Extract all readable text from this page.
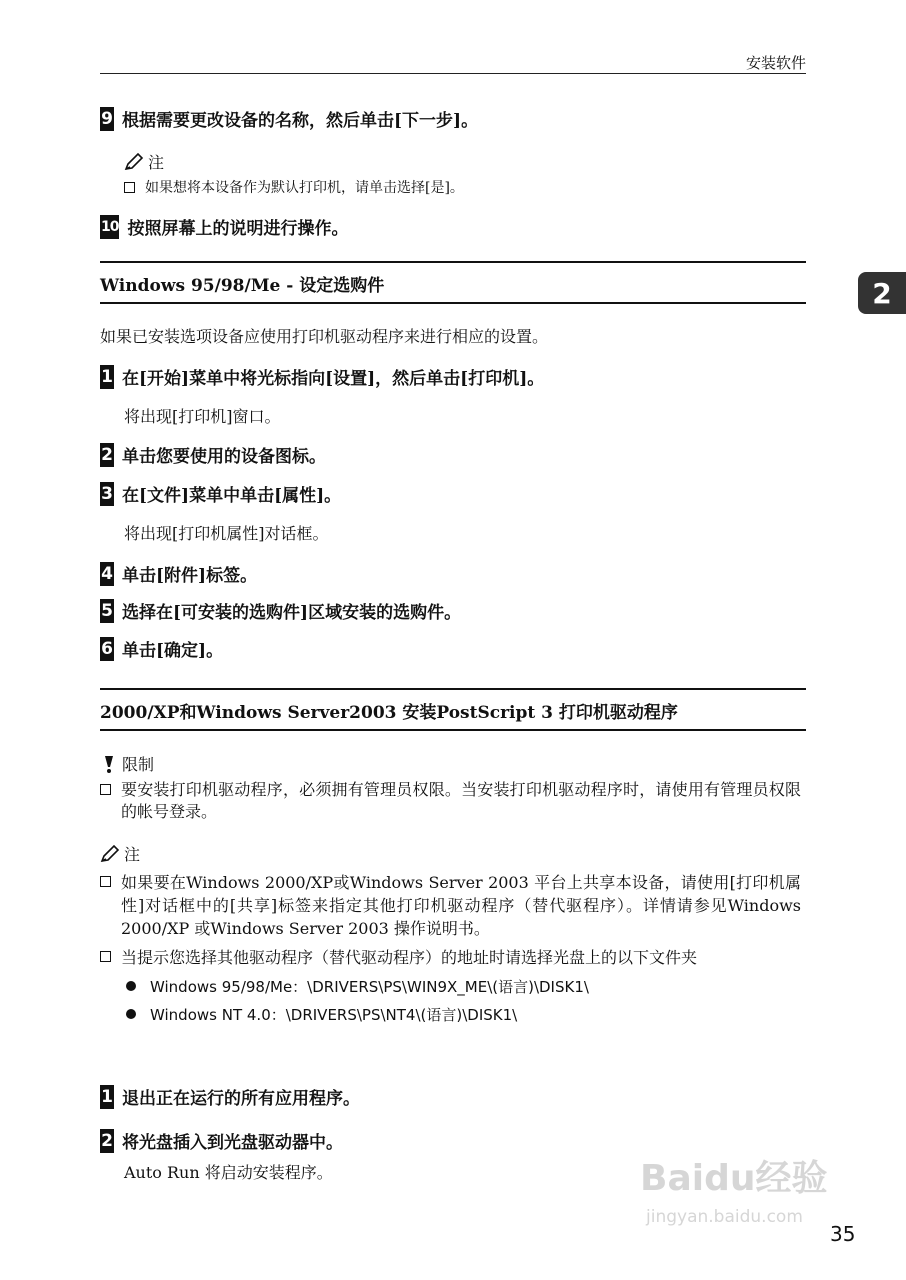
安装软件
9 根据需要更改设备的名称，然后单击[下一步]。
注
如果想将本设备作为默认打印机，请单击选择[是]。
10 按照屏幕上的说明进行操作。
Windows 95/98/Me - 设定选购件
如果已安装选项设备应使用打印机驱动程序来进行相应的设置。
1 在[开始]菜单中将光标指向[设置]，然后单击[打印机]。
将出现[打印机]窗口。
2 单击您要使用的设备图标。
3 在[文件]菜单中单击[属性]。
将出现[打印机属性]对话框。
4 单击[附件]标签。
5 选择在[可安装的选购件]区域安装的选购件。
6 单击[确定]。
2000/XP和Windows Server2003 安装PostScript 3 打印机驱动程序
限制
要安装打印机驱动程序，必须拥有管理员权限。当安装打印机驱动程序时，请使用有管理员权限的帐号登录。
注
如果要在Windows 2000/XP或Windows Server 2003 平台上共享本设备，请使用[打印机属性]对话框中的[共享]标签来指定其他打印机驱动程序（替代驱程序）。详情请参见Windows 2000/XP 或Windows Server 2003 操作说明书。
当提示您选择其他驱动程序（替代驱动程序）的地址时请选择光盘上的以下文件夹
Windows 95/98/Me：\DRIVERS\PS\WIN9X_ME\(语言)\DISK1\
Windows NT 4.0：\DRIVERS\PS\NT4\(语言)\DISK1\
1 退出正在运行的所有应用程序。
2 将光盘插入到光盘驱动器中。
Auto Run 将启动安装程序。
2
Baidu经验
jingyan.baidu.com
35
